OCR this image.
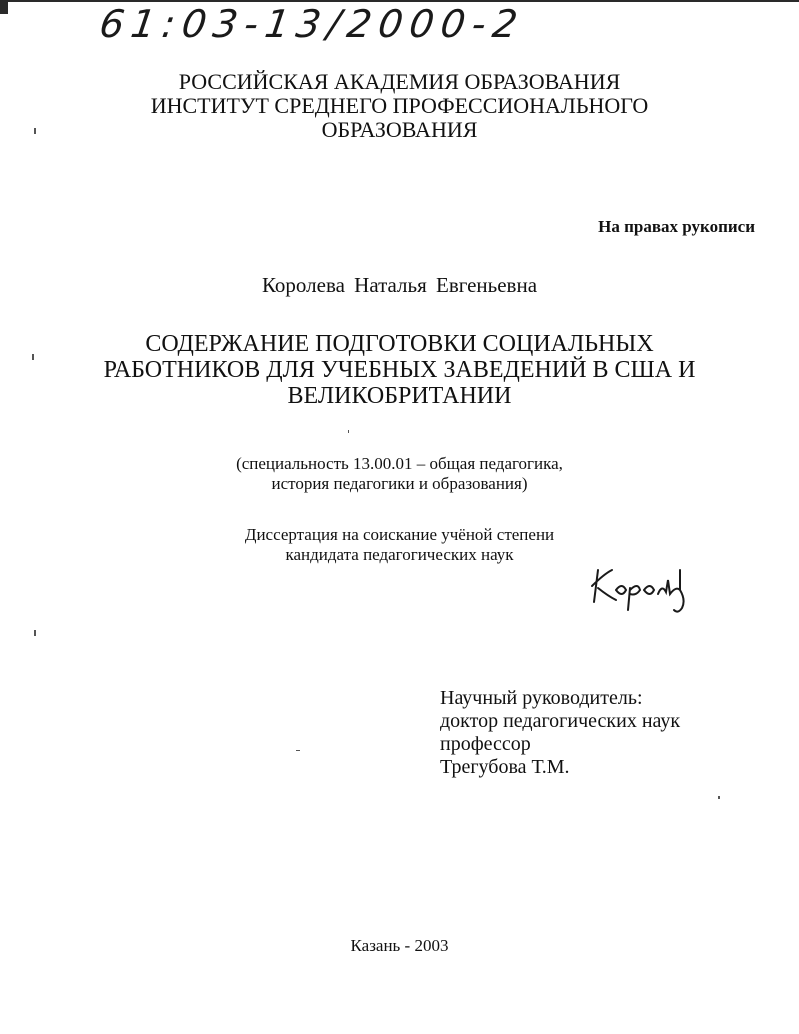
61:03-13/2000-2
РОССИЙСКАЯ АКАДЕМИЯ ОБРАЗОВАНИЯ
ИНСТИТУТ СРЕДНЕГО ПРОФЕССИОНАЛЬНОГО
ОБРАЗОВАНИЯ
На правах рукописи
Королева Наталья Евгеньевна
СОДЕРЖАНИЕ ПОДГОТОВКИ СОЦИАЛЬНЫХ
РАБОТНИКОВ ДЛЯ УЧЕБНЫХ ЗАВЕДЕНИЙ В США И
ВЕЛИКОБРИТАНИИ
(специальность 13.00.01 – общая педагогика,
история педагогики и образования)
Диссертация на соискание учёной степени
кандидата педагогических наук
Научный руководитель:
доктор педагогических наук
профессор
Трегубова Т.М.
Казань - 2003
